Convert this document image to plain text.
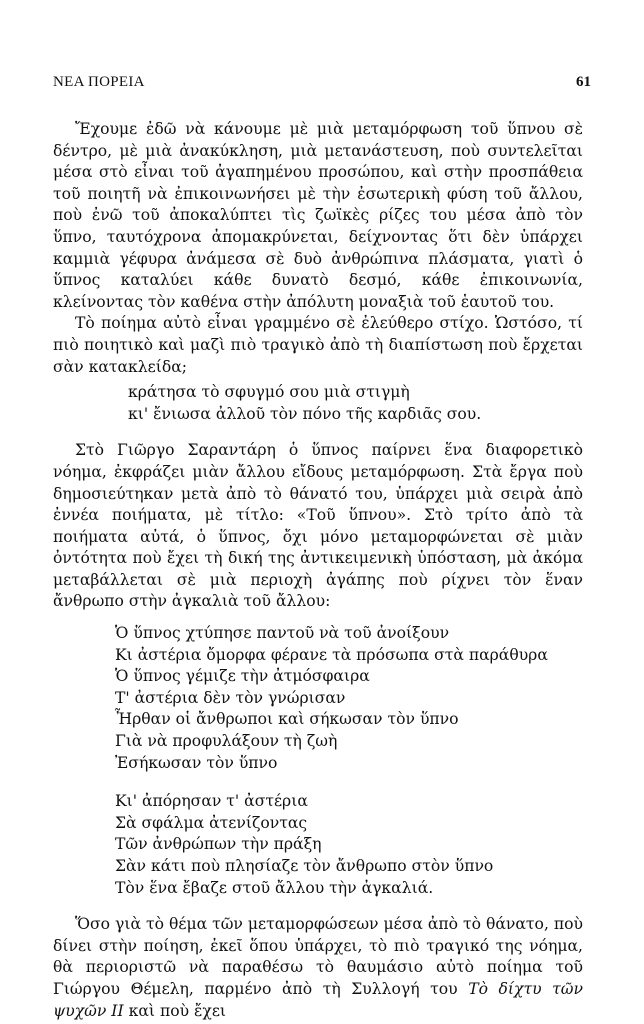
ΝΕΑ ΠΟΡΕΙΑ	61

Ἔχουμε ἐδῶ νὰ κάνουμε μὲ μιὰ μεταμόρφωση τοῦ ὕπνου σὲ δέντρο, μὲ μιὰ ἀνακύκληση, μιὰ μετανάστευση, ποὺ συντελεῖται μέσα στὸ εἶναι τοῦ ἀγαπημένου προσώπου, καὶ στὴν προσπάθεια τοῦ ποιητῆ νὰ ἐπικοινωνήσει μὲ τὴν ἐσωτερικὴ φύση τοῦ ἄλλου, ποὺ ἐνῶ τοῦ ἀποκαλύπτει τὶς ζωϊκὲς ρίζες του μέσα ἀπὸ τὸν ὕπνο, ταυτόχρονα ἀπομακρύνεται, δείχνοντας ὅτι δὲν ὑπάρχει καμμιὰ γέφυρα ἀνάμεσα σὲ δυὸ ἀνθρώπινα πλάσματα, γιατὶ ὁ ὕπνος καταλύει κάθε δυνατὸ δεσμό, κάθε ἐπικοινωνία, κλείνοντας τὸν καθένα στὴν ἀπόλυτη μοναξιὰ τοῦ ἑαυτοῦ του.

Τὸ ποίημα αὐτὸ εἶναι γραμμένο σὲ ἐλεύθερο στίχο. Ὡστόσο, τί πιὸ ποιητικὸ καὶ μαζὶ πιὸ τραγικὸ ἀπὸ τὴ διαπίστωση ποὺ ἔρχεται σὰν κατακλείδα;

κράτησα τὸ σφυγμό σου μιὰ στιγμὴ
κι' ἔνιωσα ἀλλοῦ τὸν πόνο τῆς καρδιᾶς σου.

Στὸ Γιῶργο Σαραντάρη ὁ ὕπνος παίρνει ἕνα διαφορετικὸ νόημα, ἐκφράζει μιὰν ἄλλου εἴδους μεταμόρφωση. Στὰ ἔργα ποὺ δημοσιεύτηκαν μετὰ ἀπὸ τὸ θάνατό του, ὑπάρχει μιὰ σειρὰ ἀπὸ ἐννέα ποιήματα, μὲ τίτλο: «Τοῦ ὕπνου». Στὸ τρίτο ἀπὸ τὰ ποιήματα αὐτά, ὁ ὕπνος, ὄχι μόνο μεταμορφώνεται σὲ μιὰν ὀντότητα ποὺ ἔχει τὴ δική της ἀντικειμενικὴ ὑπόσταση, μὰ ἀκόμα μεταβάλλεται σὲ μιὰ περιοχὴ ἀγάπης ποὺ ρίχνει τὸν ἕναν ἄνθρωπο στὴν ἀγκαλιὰ τοῦ ἄλλου:

Ὁ ὕπνος χτύπησε παντοῦ νὰ τοῦ ἀνοίξουν
Κι ἀστέρια ὄμορφα φέρανε τὰ πρόσωπα στὰ παράθυρα
Ὁ ὕπνος γέμιζε τὴν ἀτμόσφαιρα
Τ' ἀστέρια δὲν τὸν γνώρισαν
Ἦρθαν οἱ ἄνθρωποι καὶ σήκωσαν τὸν ὕπνο
Γιὰ νὰ προφυλάξουν τὴ ζωὴ
Ἐσήκωσαν τὸν ὕπνο
Κι' ἀπόρησαν τ' ἀστέρια
Σὰ σφάλμα ἀτενίζοντας
Τῶν ἀνθρώπων τὴν πράξη
Σὰν κάτι ποὺ πλησίαζε τὸν ἄνθρωπο στὸν ὕπνο
Τὸν ἕνα ἔβαζε στοῦ ἄλλου τὴν ἀγκαλιά.

Ὅσο γιὰ τὸ θέμα τῶν μεταμορφώσεων μέσα ἀπὸ τὸ θάνατο, ποὺ δίνει στὴν ποίηση, ἐκεῖ ὅπου ὑπάρχει, τὸ πιὸ τραγικό της νόημα, θὰ περιοριστῶ νὰ παραθέσω τὸ θαυμάσιο αὐτὸ ποίημα τοῦ Γιώργου Θέμελη, παρμένο ἀπὸ τὴ Συλλογή του Τὸ δίχτυ τῶν ψυχῶν ΙΙ καὶ ποὺ ἔχει
